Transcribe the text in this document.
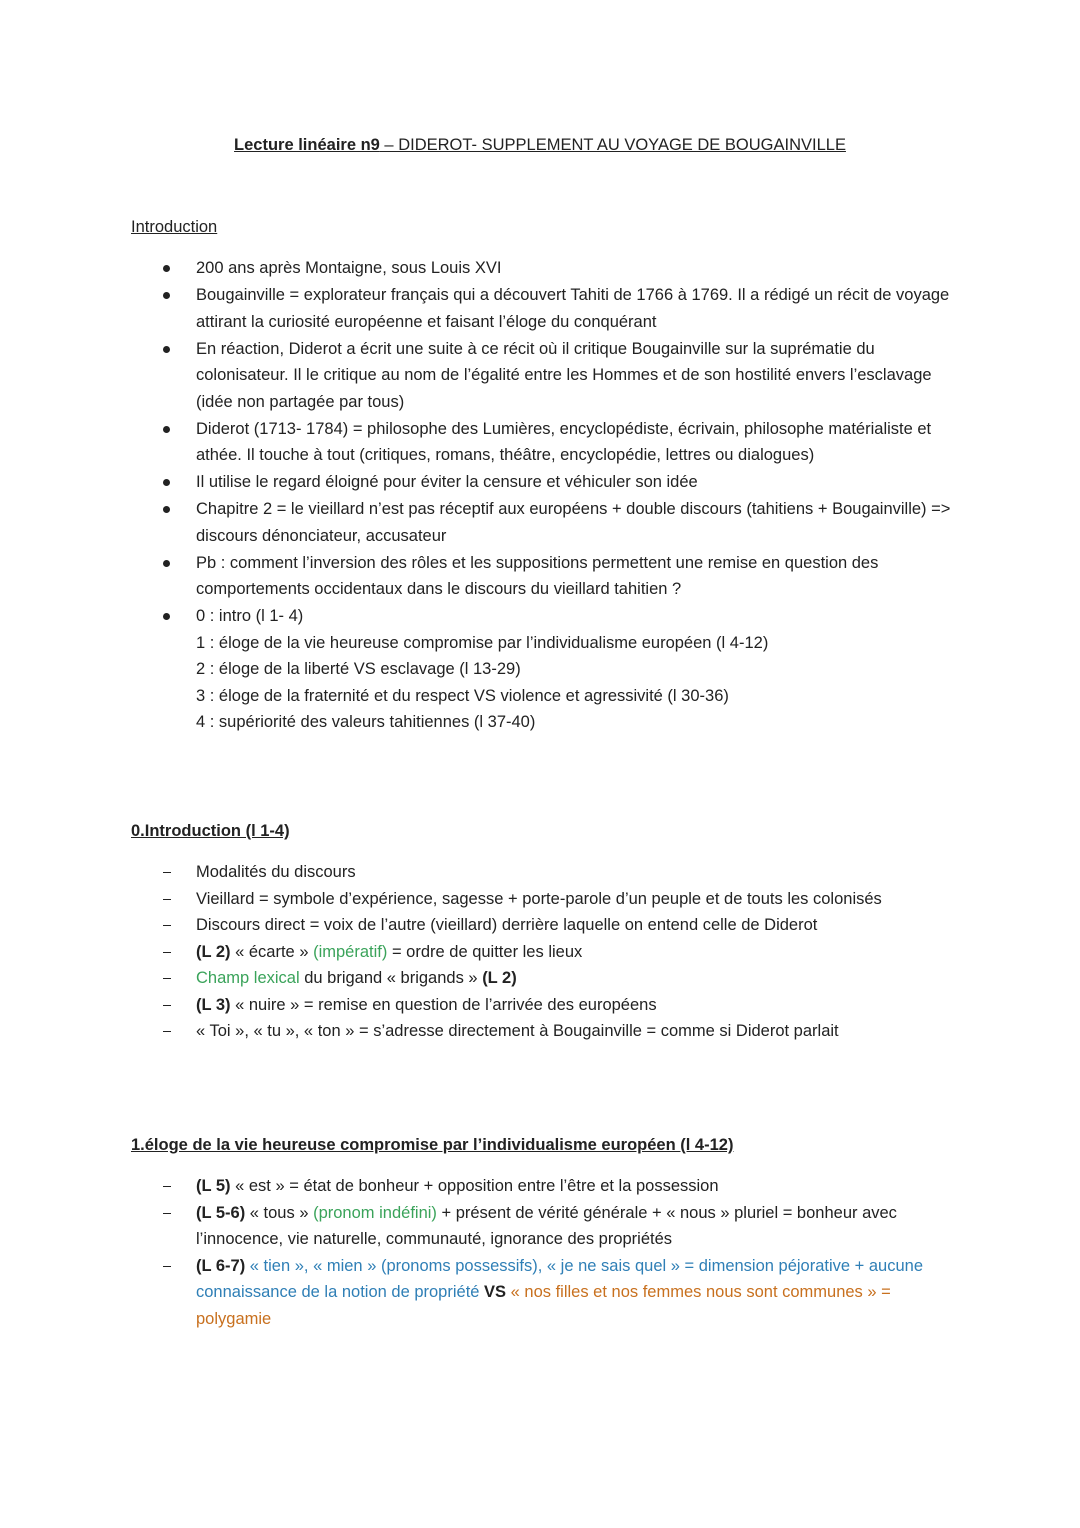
Lecture linéaire n9 – DIDEROT- SUPPLEMENT AU VOYAGE DE BOUGAINVILLE
Introduction
200 ans après Montaigne, sous Louis XVI
Bougainville = explorateur français qui a découvert Tahiti de 1766 à 1769. Il a rédigé un récit de voyage attirant la curiosité européenne et faisant l’éloge du conquérant
En réaction, Diderot a écrit une suite à ce récit où il critique Bougainville sur la suprématie du colonisateur. Il le critique au nom de l’égalité entre les Hommes et de son hostilité envers l’esclavage (idée non partagée par tous)
Diderot (1713- 1784) = philosophe des Lumières, encyclopédiste, écrivain, philosophe matérialiste et athée. Il touche à tout (critiques, romans, théâtre, encyclopédie, lettres ou dialogues)
Il utilise le regard éloigné pour éviter la censure et véhiculer son idée
Chapitre 2 = le vieillard n’est pas réceptif aux européens + double discours (tahitiens + Bougainville) => discours dénonciateur, accusateur
Pb : comment l’inversion des rôles et les suppositions permettent une remise en question des comportements occidentaux dans le discours du vieillard tahitien ?
0 : intro (l 1- 4)
1 : éloge de la vie heureuse compromise par l’individualisme européen (l 4-12)
2 : éloge de la liberté VS esclavage (l 13-29)
3 : éloge de la fraternité et du respect VS violence et agressivité (l 30-36)
4 : supériorité des valeurs tahitiennes (l 37-40)
0.Introduction (l 1-4)
Modalités du discours
Vieillard = symbole d’expérience, sagesse + porte-parole d’un peuple et de touts les colonisés
Discours direct = voix de l’autre (vieillard) derrière laquelle on entend celle de Diderot
(L 2) « écarte » (impératif) = ordre de quitter les lieux
Champ lexical du brigand « brigands » (L 2)
(L 3) « nuire » = remise en question de l’arrivée des européens
« Toi », « tu », « ton » = s’adresse directement à Bougainville = comme si Diderot parlait
1.éloge de la vie heureuse compromise par l’individualisme européen (l 4-12)
(L 5) « est » = état de bonheur + opposition entre l’être et la possession
(L 5-6) « tous » (pronom indéfini) + présent de vérité générale + « nous » pluriel = bonheur avec l’innocence, vie naturelle, communauté, ignorance des propriétés
(L 6-7) « tien », « mien » (pronoms possessifs), « je ne sais quel » = dimension péjorative + aucune connaissance de la notion de propriété VS « nos filles et nos femmes nous sont communes » = polygamie
